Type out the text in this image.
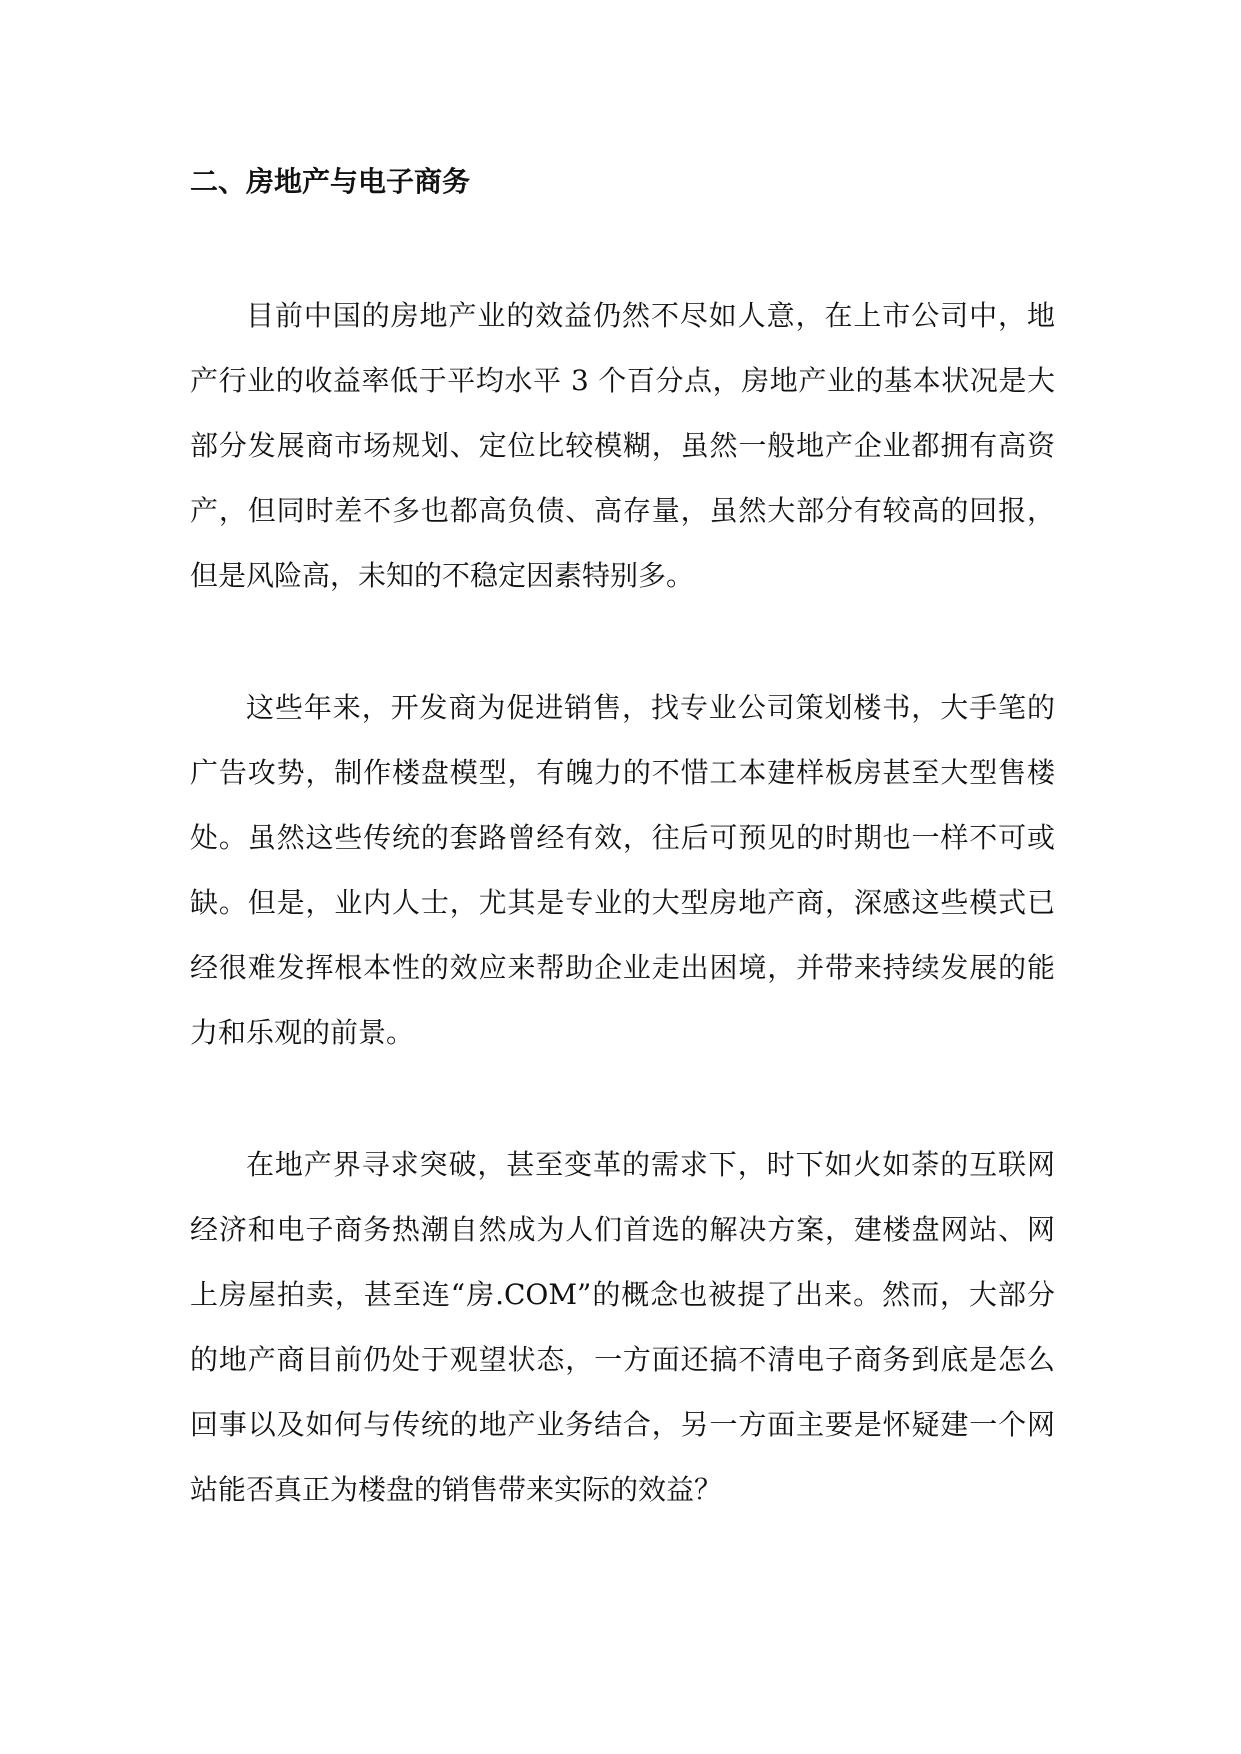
二、房地产与电子商务

目前中国的房地产业的效益仍然不尽如人意，在上市公司中，地产行业的收益率低于平均水平 3 个百分点，房地产业的基本状况是大部分发展商市场规划、定位比较模糊，虽然一般地产企业都拥有高资产，但同时差不多也都高负债、高存量，虽然大部分有较高的回报，但是风险高，未知的不稳定因素特别多。

这些年来，开发商为促进销售，找专业公司策划楼书，大手笔的广告攻势，制作楼盘模型，有魄力的不惜工本建样板房甚至大型售楼处。虽然这些传统的套路曾经有效，往后可预见的时期也一样不可或缺。但是，业内人士，尤其是专业的大型房地产商，深感这些模式已经很难发挥根本性的效应来帮助企业走出困境，并带来持续发展的能力和乐观的前景。

在地产界寻求突破，甚至变革的需求下，时下如火如荼的互联网经济和电子商务热潮自然成为人们首选的解决方案，建楼盘网站、网上房屋拍卖，甚至连“房.COM”的概念也被提了出来。然而，大部分的地产商目前仍处于观望状态，一方面还搞不清电子商务到底是怎么回事以及如何与传统的地产业务结合，另一方面主要是怀疑建一个网站能否真正为楼盘的销售带来实际的效益？
